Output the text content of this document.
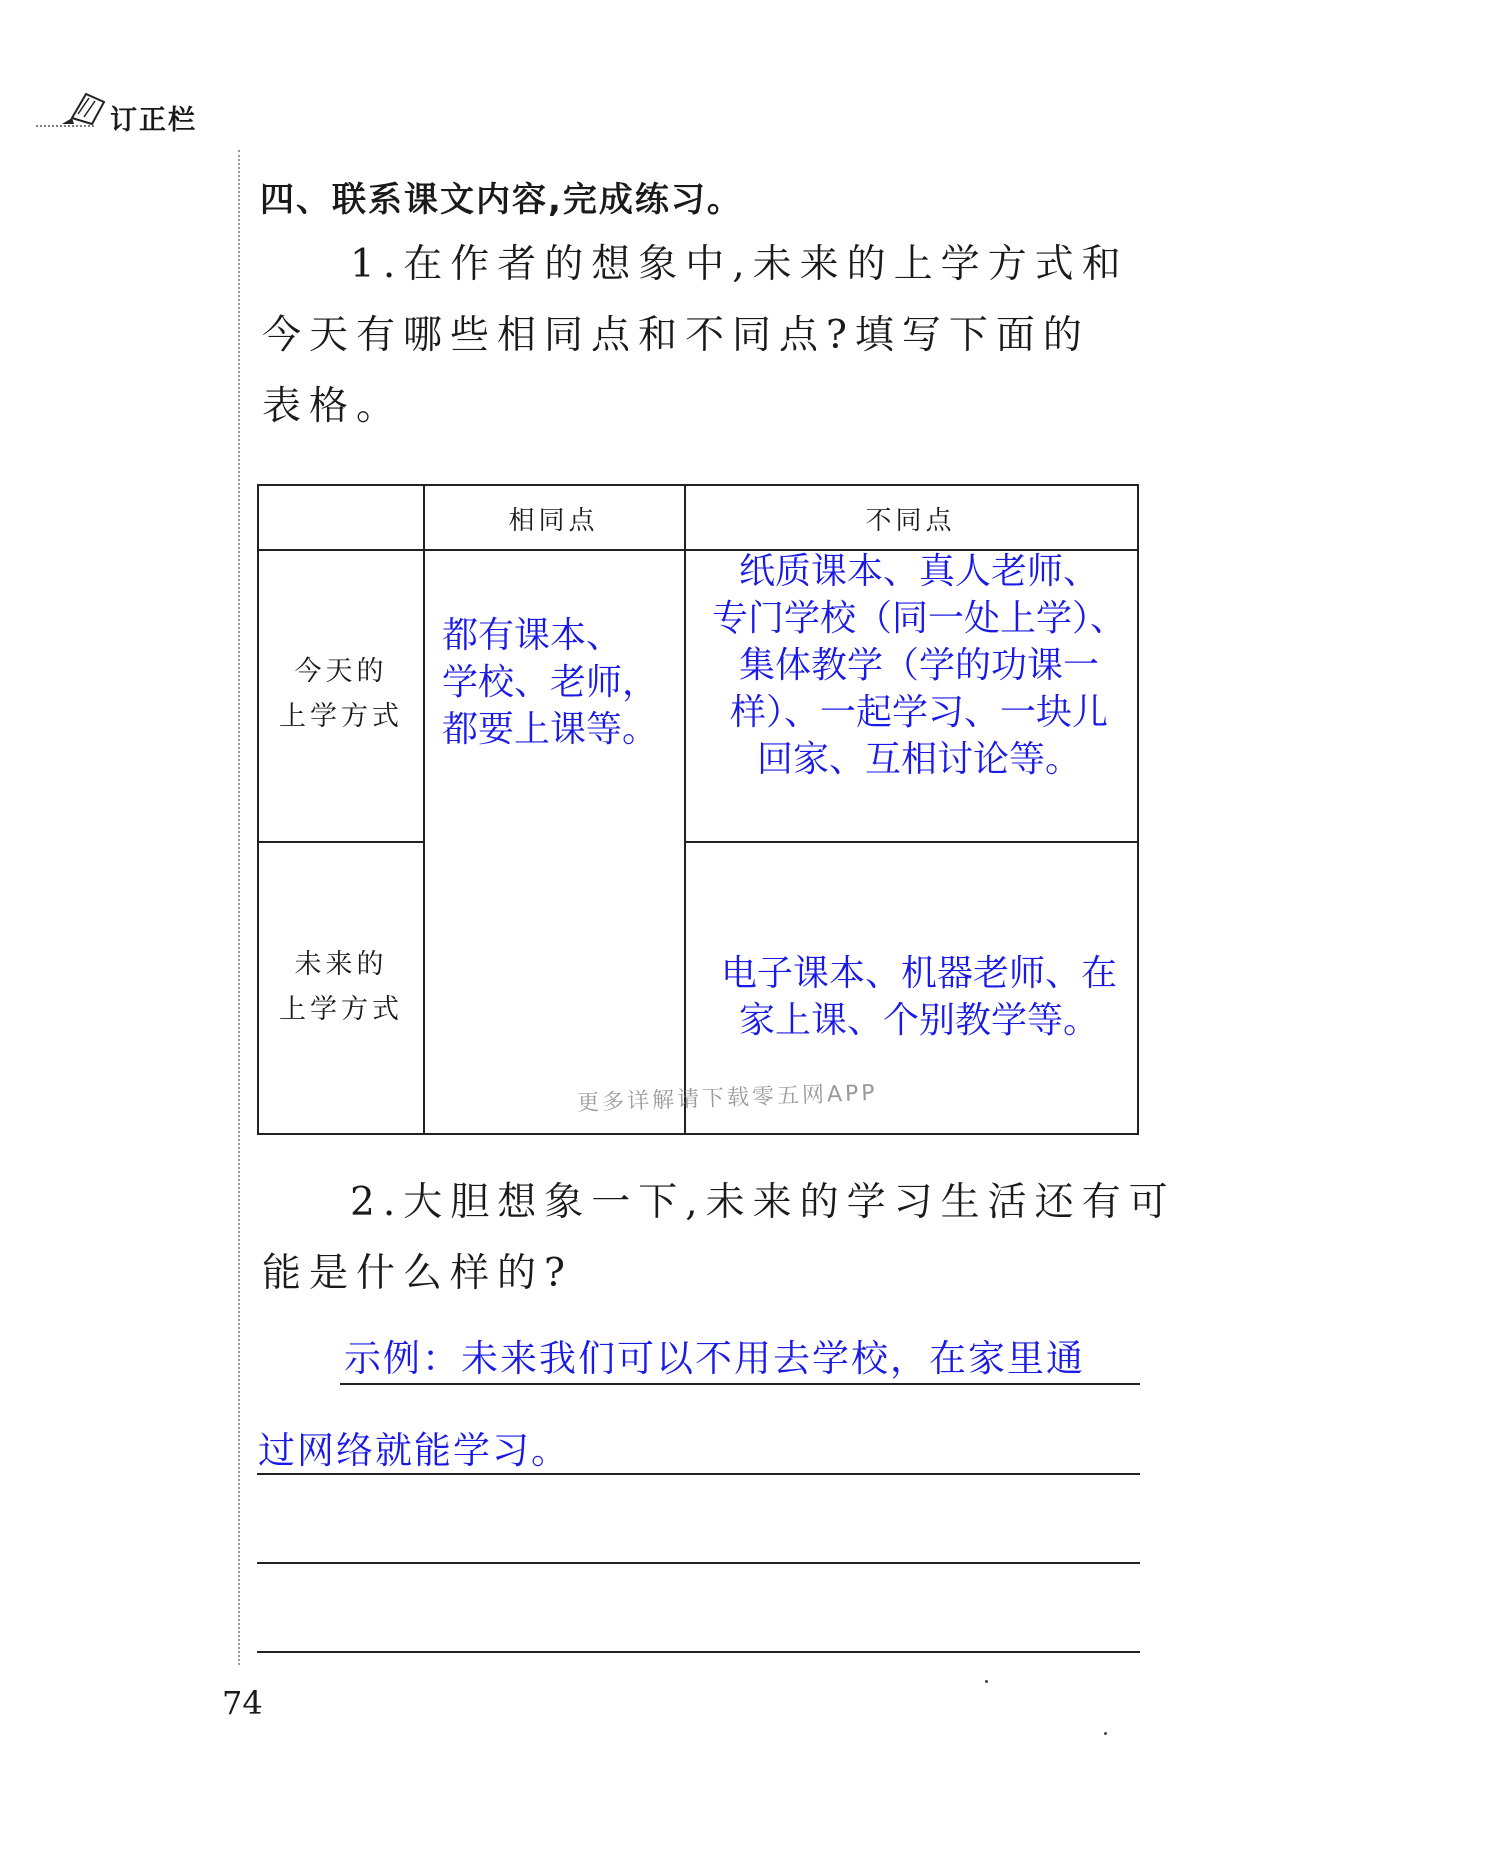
订正栏
四、联系课文内容,完成练习。
1.在作者的想象中,未来的上学方式和
今天有哪些相同点和不同点?填写下面的
表格。
相同点	不同点
今天的
上学方式
未来的
上学方式
都有课本、
学校、老师，
都要上课等。
纸质课本、真人老师、
专门学校（同一处上学）、
集体教学（学的功课一
样）、一起学习、一块儿
回家、互相讨论等。
电子课本、机器老师、在
家上课、个别教学等。
更多详解请下载零五网APP
2.大胆想象一下,未来的学习生活还有可
能是什么样的?
示例：未来我们可以不用去学校，在家里通
过网络就能学习。
74
